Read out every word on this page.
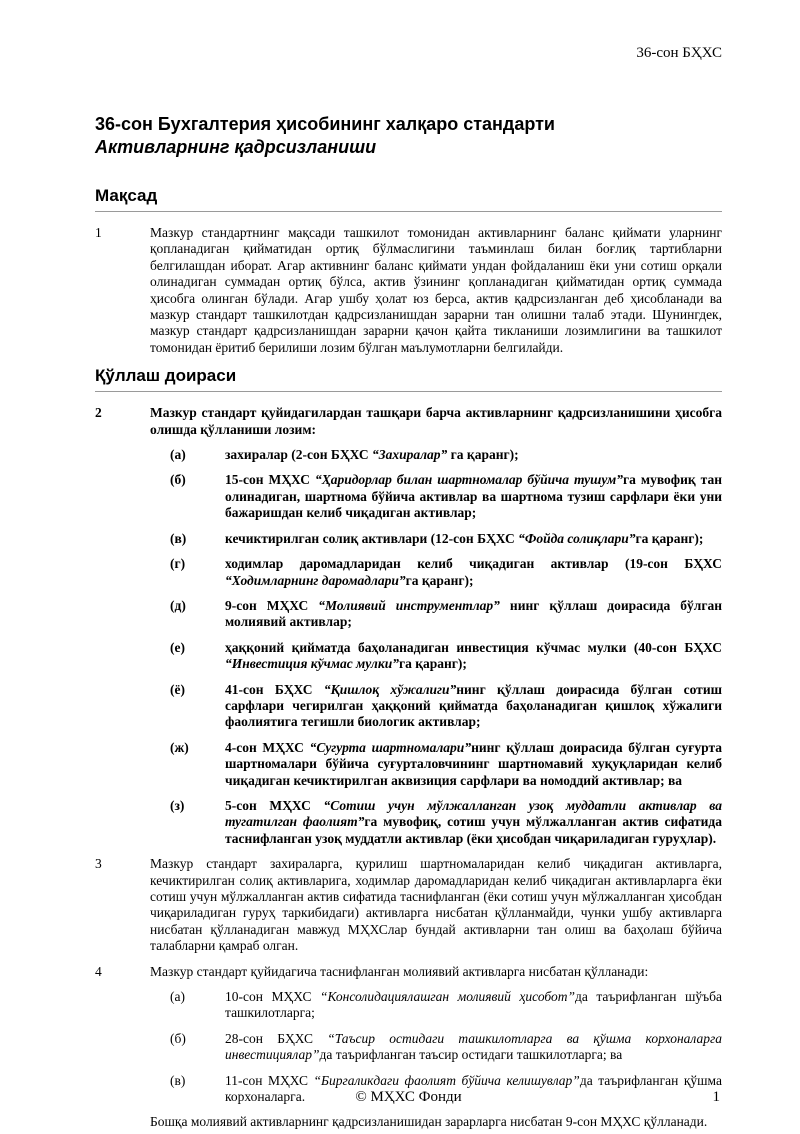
36-сон БҲХС
36-сон Бухгалтерия ҳисобининг халқаро стандарти
Активларнинг қадрсизланиши
Мақсад
1	Мазкур стандартнинг мақсади ташкилот томонидан активларнинг баланс қиймати уларнинг қопланадиган қийматидан ортиқ бўлмаслигини таъминлаш билан боғлиқ тартибларни белгилашдан иборат. Агар активнинг баланс қиймати ундан фойдаланиш ёки уни сотиш орқали олинадиган суммадан ортиқ бўлса, актив ўзининг қопланадиган қийматидан ортиқ суммада ҳисобга олинган бўлади. Агар ушбу ҳолат юз берса, актив қадрсизланган деб ҳисобланади ва мазкур стандарт ташкилотдан қадрсизланишдан зарарни тан олишни талаб этади. Шунингдек, мазкур стандарт қадрсизланишдан зарарни қачон қайта тикланиши лозимлигини ва ташкилот томонидан ёритиб берилиши лозим бўлган маълумотларни белгилайди.
Қўллаш доираси
2	Мазкур стандарт қуйидагилардан ташқари барча активларнинг қадрсизланишини ҳисобга олишда қўлланиши лозим:
(а)	захиралар (2-сон БҲХС “Захиралар” га қаранг);
(б)	15-сон МҲХС “Ҳаридорлар билан шартномалар бўйича тушум”га мувофиқ тан олинадиган, шартнома бўйича активлар ва шартнома тузиш сарфлари ёки уни бажаришдан келиб чиқадиган активлар;
(в)	кечиктирилган солиқ активлари (12-сон БҲХС “Фойда солиқлари”га қаранг);
(г)	ходимлар даромадларидан келиб чиқадиган активлар (19-сон БҲХС “Ходимларнинг даромадлари”га қаранг);
(д)	9-сон МҲХС “Молиявий инструментлар” нинг қўллаш доирасида бўлган молиявий активлар;
(е)	ҳаққоний қийматда баҳоланадиган инвестиция кўчмас мулки (40-сон БҲХС “Инвестиция кўчмас мулки”га қаранг);
(ё)	41-сон БҲХС “Қишлоқ хўжалиги”нинг қўллаш доирасида бўлган сотиш сарфлари чегирилган ҳаққоний қийматда баҳоланадиган қишлоқ хўжалиги фаолиятига тегишли биологик активлар;
(ж)	4-сон МҲХС “Сугурта шартномалари”нинг қўллаш доирасида бўлган суғурта шартномалари бўйича суғурталовчининг шартномавий хуқуқларидан келиб чиқадиган кечиктирилган аквизиция сарфлари ва номоддий активлар; ва
(з)	5-сон МҲХС “Сотиш учун мўлжалланган узоқ муддатли активлар ва тугатилган фаолият”га мувофиқ, сотиш учун мўлжалланган актив сифатида таснифланган узоқ муддатли активлар (ёки ҳисобдан чиқариладиган гуруҳлар).
3	Мазкур стандарт захираларга, қурилиш шартномаларидан келиб чиқадиган активларга, кечиктирилган солиқ активларига, ходимлар даромадларидан келиб чиқадиган активларларга ёки сотиш учун мўлжалланган актив сифатида таснифланган (ёки сотиш учун мўлжалланган ҳисобдан чиқариладиган гуруҳ таркибидаги) активларга нисбатан қўлланмайди, чунки ушбу активларга нисбатан қўлланадиган мавжуд МҲХСлар бундай активларни тан олиш ва баҳолаш бўйича талабларни қамраб олган.
4	Мазкур стандарт қуйидагича таснифланган молиявий активларга нисбатан қўлланади:
(а)	10-сон МҲХС “Консолидациялашган молиявий ҳисобот”да таърифланган шўъба ташкилотларга;
(б)	28-сон БҲХС “Таъсир остидаги ташкилотларга ва қўшма корхоналарга инвестициялар”да таърифланган таъсир остидаги ташкилотларга; ва
(в)	11-сон МҲХС “Биргаликдаги фаолият бўйича келишувлар”да таърифланган қўшма корхоналарга.
Бошқа молиявий активларнинг қадрсизланишидан зарарларга нисбатан 9-сон МҲХС қўлланади.
© МҲХС Фонди	1
